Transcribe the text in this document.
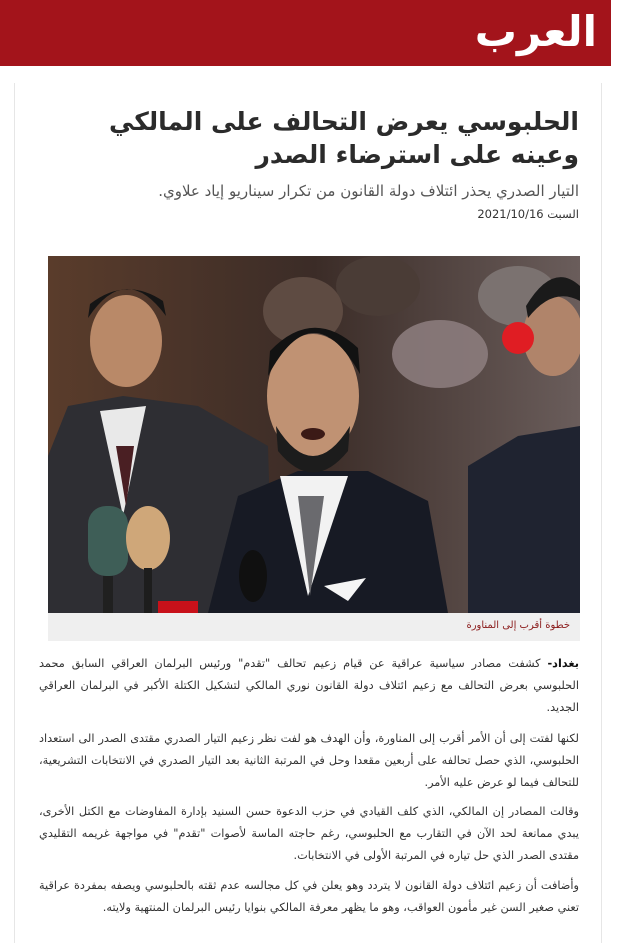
العرب
الحلبوسي يعرض التحالف على المالكي وعينه على استرضاء الصدر

التيار الصدري يحذر ائتلاف دولة القانون من تكرار سيناريو إياد علاوي.

السبت 2021/10/16
خطوة أقرب إلى المناورة

بغداد- كشفت مصادر سياسية عراقية عن قيام زعيم تحالف "تقدم" ورئيس البرلمان العراقي السابق محمد الحلبوسي بعرض التحالف مع زعيم ائتلاف دولة القانون نوري المالكي لتشكيل الكتلة الأكبر في البرلمان العراقي الجديد.

لكنها لفتت إلى أن الأمر أقرب إلى المناورة، وأن الهدف هو لفت نظر زعيم التيار الصدري مقتدى الصدر الى استعداد الحلبوسي، الذي حصل تحالفه على أربعين مقعدا وحل في المرتبة الثانية بعد التيار الصدري في الانتخابات التشريعية، للتحالف فيما لو عرض عليه الأمر.

وقالت المصادر إن المالكي، الذي كلف القيادي في حزب الدعوة حسن السنيد بإدارة المفاوضات مع الكتل الأخرى، يبدي ممانعة لحد الآن في التقارب مع الحلبوسي، رغم حاجته الماسة لأصوات "تقدم" في مواجهة غريمه التقليدي مقتدى الصدر الذي حل تياره في المرتبة الأولى في الانتخابات.

وأضافت أن زعيم ائتلاف دولة القانون لا يتردد وهو يعلن في كل مجالسه عدم ثقته بالحلبوسي ويصفه بمفردة عراقية تعني صغير السن غير مأمون العواقب، وهو ما يظهر معرفة المالكي بنوايا رئيس البرلمان المنتهية ولايته.
